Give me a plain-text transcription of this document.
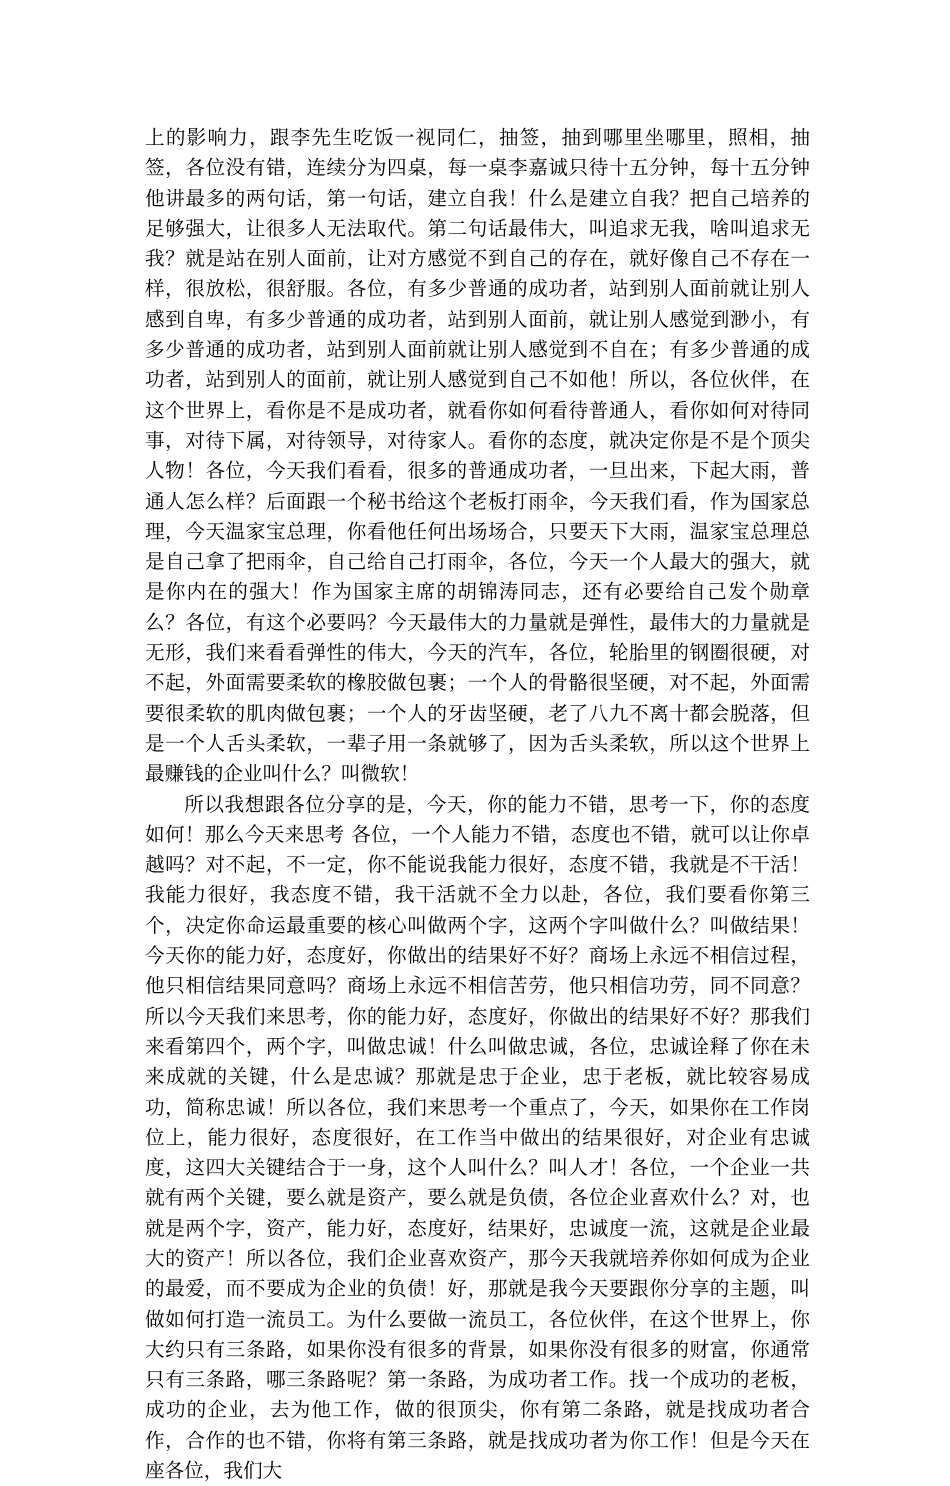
上的影响力，跟李先生吃饭一视同仁，抽签，抽到哪里坐哪里，照相，抽签，各位没有错，连续分为四桌，每一桌李嘉诚只待十五分钟，每十五分钟他讲最多的两句话，第一句话，建立自我！什么是建立自我？把自己培养的足够强大，让很多人无法取代。第二句话最伟大，叫追求无我，啥叫追求无我？就是站在别人面前，让对方感觉不到自己的存在，就好像自己不存在一样，很放松，很舒服。各位，有多少普通的成功者，站到别人面前就让别人感到自卑，有多少普通的成功者，站到别人面前，就让别人感觉到渺小，有多少普通的成功者，站到别人面前就让别人感觉到不自在；有多少普通的成功者，站到别人的面前，就让别人感觉到自己不如他！所以，各位伙伴，在这个世界上，看你是不是成功者，就看你如何看待普通人，看你如何对待同事，对待下属，对待领导，对待家人。看你的态度，就决定你是不是个顶尖人物！各位，今天我们看看，很多的普通成功者，一旦出来，下起大雨，普通人怎么样？后面跟一个秘书给这个老板打雨伞，今天我们看，作为国家总理，今天温家宝总理，你看他任何出场场合，只要天下大雨，温家宝总理总是自己拿了把雨伞，自己给自己打雨伞，各位，今天一个人最大的强大，就是你内在的强大！作为国家主席的胡锦涛同志，还有必要给自己发个勋章么？各位，有这个必要吗？今天最伟大的力量就是弹性，最伟大的力量就是无形，我们来看看弹性的伟大，今天的汽车，各位，轮胎里的钢圈很硬，对不起，外面需要柔软的橡胶做包裹；一个人的骨骼很坚硬，对不起，外面需要很柔软的肌肉做包裹；一个人的牙齿坚硬，老了八九不离十都会脱落，但是一个人舌头柔软，一辈子用一条就够了，因为舌头柔软，所以这个世界上最赚钱的企业叫什么？叫微软！

所以我想跟各位分享的是，今天，你的能力不错，思考一下，你的态度如何！那么今天来思考 各位，一个人能力不错，态度也不错，就可以让你卓越吗？对不起，不一定，你不能说我能力很好，态度不错，我就是不干活！我能力很好，我态度不错，我干活就不全力以赴，各位，我们要看你第三个，决定你命运最重要的核心叫做两个字，这两个字叫做什么？叫做结果！今天你的能力好，态度好，你做出的结果好不好？商场上永远不相信过程，他只相信结果同意吗？商场上永远不相信苦劳，他只相信功劳，同不同意？所以今天我们来思考，你的能力好，态度好，你做出的结果好不好？那我们来看第四个，两个字，叫做忠诚！什么叫做忠诚，各位，忠诚诠释了你在未来成就的关键，什么是忠诚？那就是忠于企业，忠于老板，就比较容易成功，简称忠诚！所以各位，我们来思考一个重点了，今天，如果你在工作岗位上，能力很好，态度很好，在工作当中做出的结果很好，对企业有忠诚度，这四大关键结合于一身，这个人叫什么？叫人才！各位，一个企业一共就有两个关键，要么就是资产，要么就是负债，各位企业喜欢什么？对，也就是两个字，资产，能力好，态度好，结果好，忠诚度一流，这就是企业最大的资产！所以各位，我们企业喜欢资产，那今天我就培养你如何成为企业的最爱，而不要成为企业的负债！好，那就是我今天要跟你分享的主题，叫做如何打造一流员工。为什么要做一流员工，各位伙伴，在这个世界上，你大约只有三条路，如果你没有很多的背景，如果你没有很多的财富，你通常只有三条路，哪三条路呢？第一条路，为成功者工作。找一个成功的老板，成功的企业，去为他工作，做的很顶尖，你有第二条路，就是找成功者合作，合作的也不错，你将有第三条路，就是找成功者为你工作！但是今天在座各位，我们大
